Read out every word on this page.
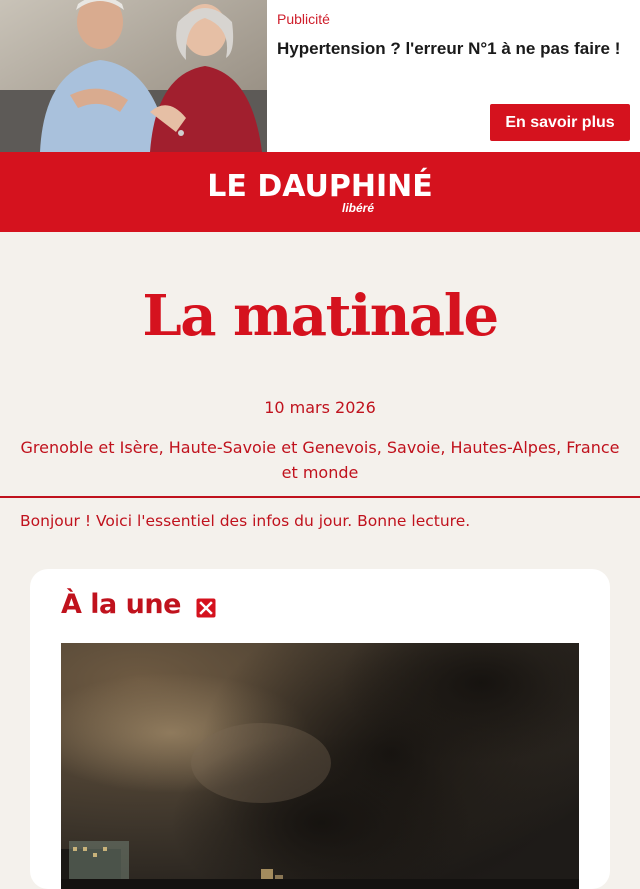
Publicité
Hypertension ? l'erreur N°1 à ne pas faire !
En savoir plus
LE DAUPHINÉ
libéré
La matinale
10 mars 2026
Grenoble et Isère, Haute-Savoie et Genevois, Savoie, Hautes-Alpes, France et monde
Bonjour ! Voici l'essentiel des infos du jour. Bonne lecture.
À la une
